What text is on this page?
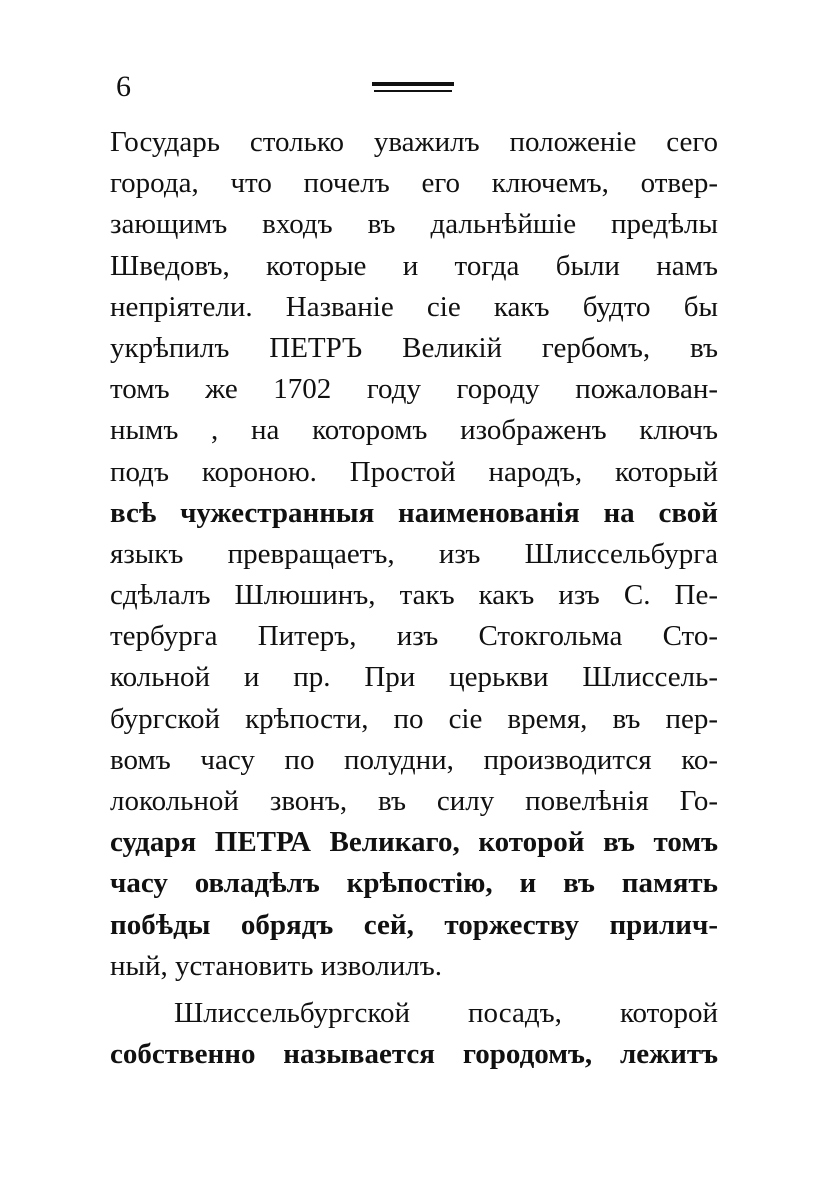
6
Государь столько уважилъ положеніе сего
города, что почелъ его ключемъ, отвер-
зающимъ входъ въ дальнѣйшіе предѣлы
Шведовъ, которые и тогда были намъ
непріятели. Названіе сіе какъ будто бы
укрѣпилъ ПЕТРЪ Великій гербомъ, въ
томъ же 1702 году городу пожалован-
нымъ , на которомъ изображенъ ключъ
подъ короною. Простой народъ, который
всѣ чужестранныя наименованія на свой
языкъ превращаетъ, изъ Шлиссельбурга
сдѣлалъ Шлюшинъ, такъ какъ изъ С. Пе-
тербурга Питеръ, изъ Стокгольма Сто-
кольной и пр. При церькви Шлиссель-
бургской крѣпости, по сіе время, въ пер-
вомъ часу по полудни, производится ко-
локольной звонъ, въ силу повелѣнія Го-
сударя ПЕТРА Великаго, которой въ томъ
часу овладѣлъ крѣпостію, и въ память
побѣды обрядъ сей, торжеству прилич-
ный, установить изволилъ.
Шлиссельбургской посадъ, которой
собственно называется городомъ, лежитъ
